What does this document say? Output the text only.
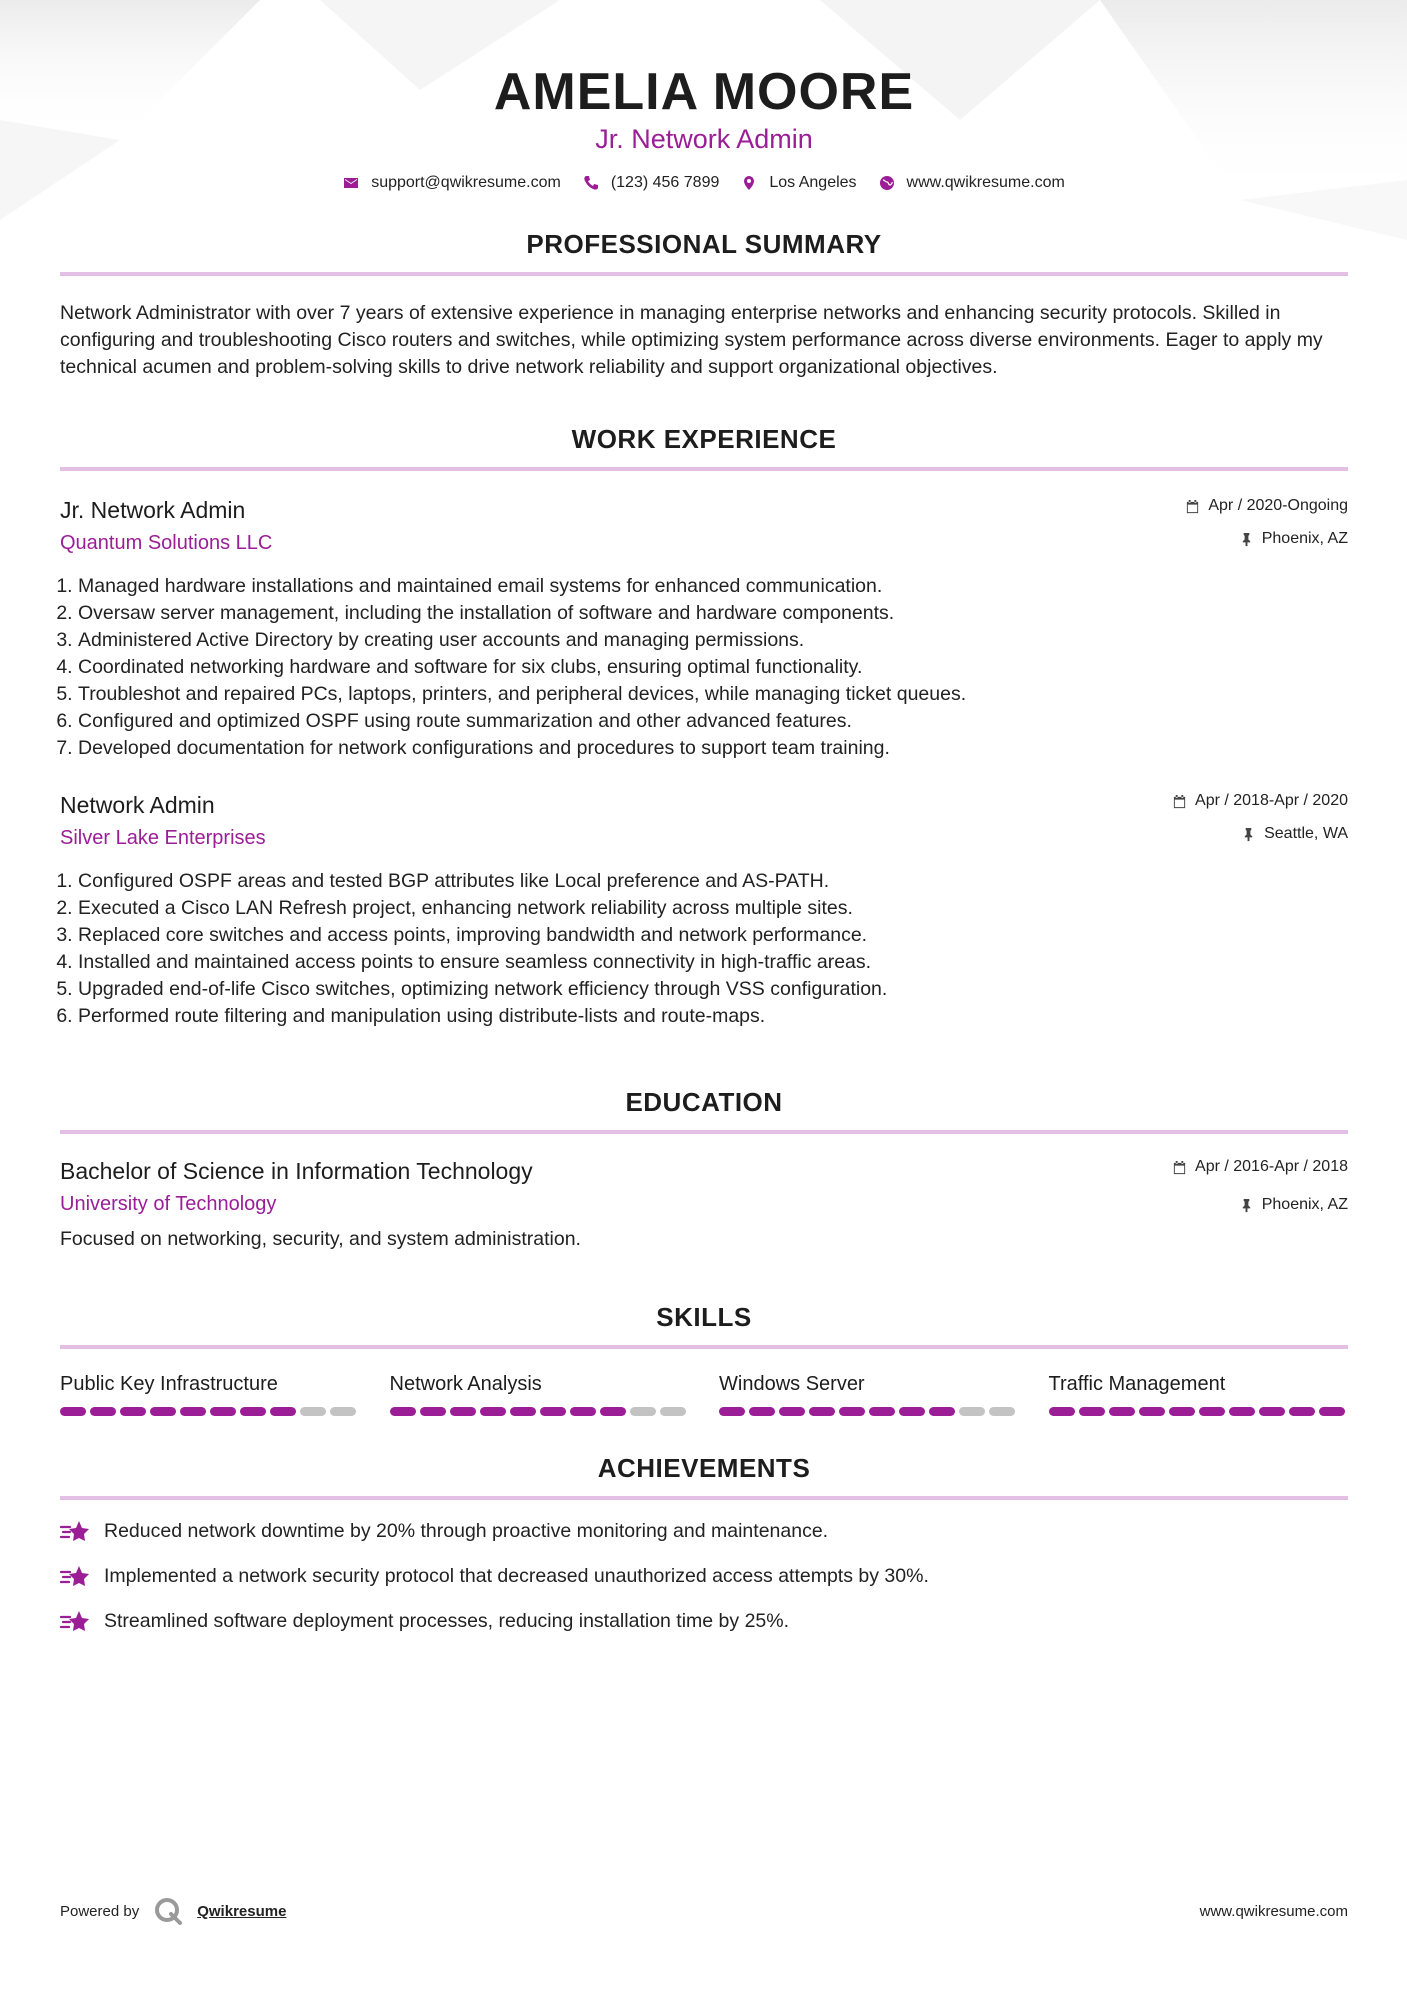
AMELIA MOORE
Jr. Network Admin
support@qwikresume.com	(123) 456 7899	Los Angeles	www.qwikresume.com
PROFESSIONAL SUMMARY
Network Administrator with over 7 years of extensive experience in managing enterprise networks and enhancing security protocols. Skilled in configuring and troubleshooting Cisco routers and switches, while optimizing system performance across diverse environments. Eager to apply my technical acumen and problem-solving skills to drive network reliability and support organizational objectives.
WORK EXPERIENCE
Jr. Network Admin
Quantum Solutions LLC
Apr / 2020-Ongoing
Phoenix, AZ
1. Managed hardware installations and maintained email systems for enhanced communication.
2. Oversaw server management, including the installation of software and hardware components.
3. Administered Active Directory by creating user accounts and managing permissions.
4. Coordinated networking hardware and software for six clubs, ensuring optimal functionality.
5. Troubleshot and repaired PCs, laptops, printers, and peripheral devices, while managing ticket queues.
6. Configured and optimized OSPF using route summarization and other advanced features.
7. Developed documentation for network configurations and procedures to support team training.
Network Admin
Silver Lake Enterprises
Apr / 2018-Apr / 2020
Seattle, WA
1. Configured OSPF areas and tested BGP attributes like Local preference and AS-PATH.
2. Executed a Cisco LAN Refresh project, enhancing network reliability across multiple sites.
3. Replaced core switches and access points, improving bandwidth and network performance.
4. Installed and maintained access points to ensure seamless connectivity in high-traffic areas.
5. Upgraded end-of-life Cisco switches, optimizing network efficiency through VSS configuration.
6. Performed route filtering and manipulation using distribute-lists and route-maps.
EDUCATION
Bachelor of Science in Information Technology
University of Technology
Apr / 2016-Apr / 2018
Phoenix, AZ
Focused on networking, security, and system administration.
SKILLS
Public Key Infrastructure	Network Analysis	Windows Server	Traffic Management
ACHIEVEMENTS
Reduced network downtime by 20% through proactive monitoring and maintenance.
Implemented a network security protocol that decreased unauthorized access attempts by 30%.
Streamlined software deployment processes, reducing installation time by 25%.
Powered by	Qwikresume	www.qwikresume.com
